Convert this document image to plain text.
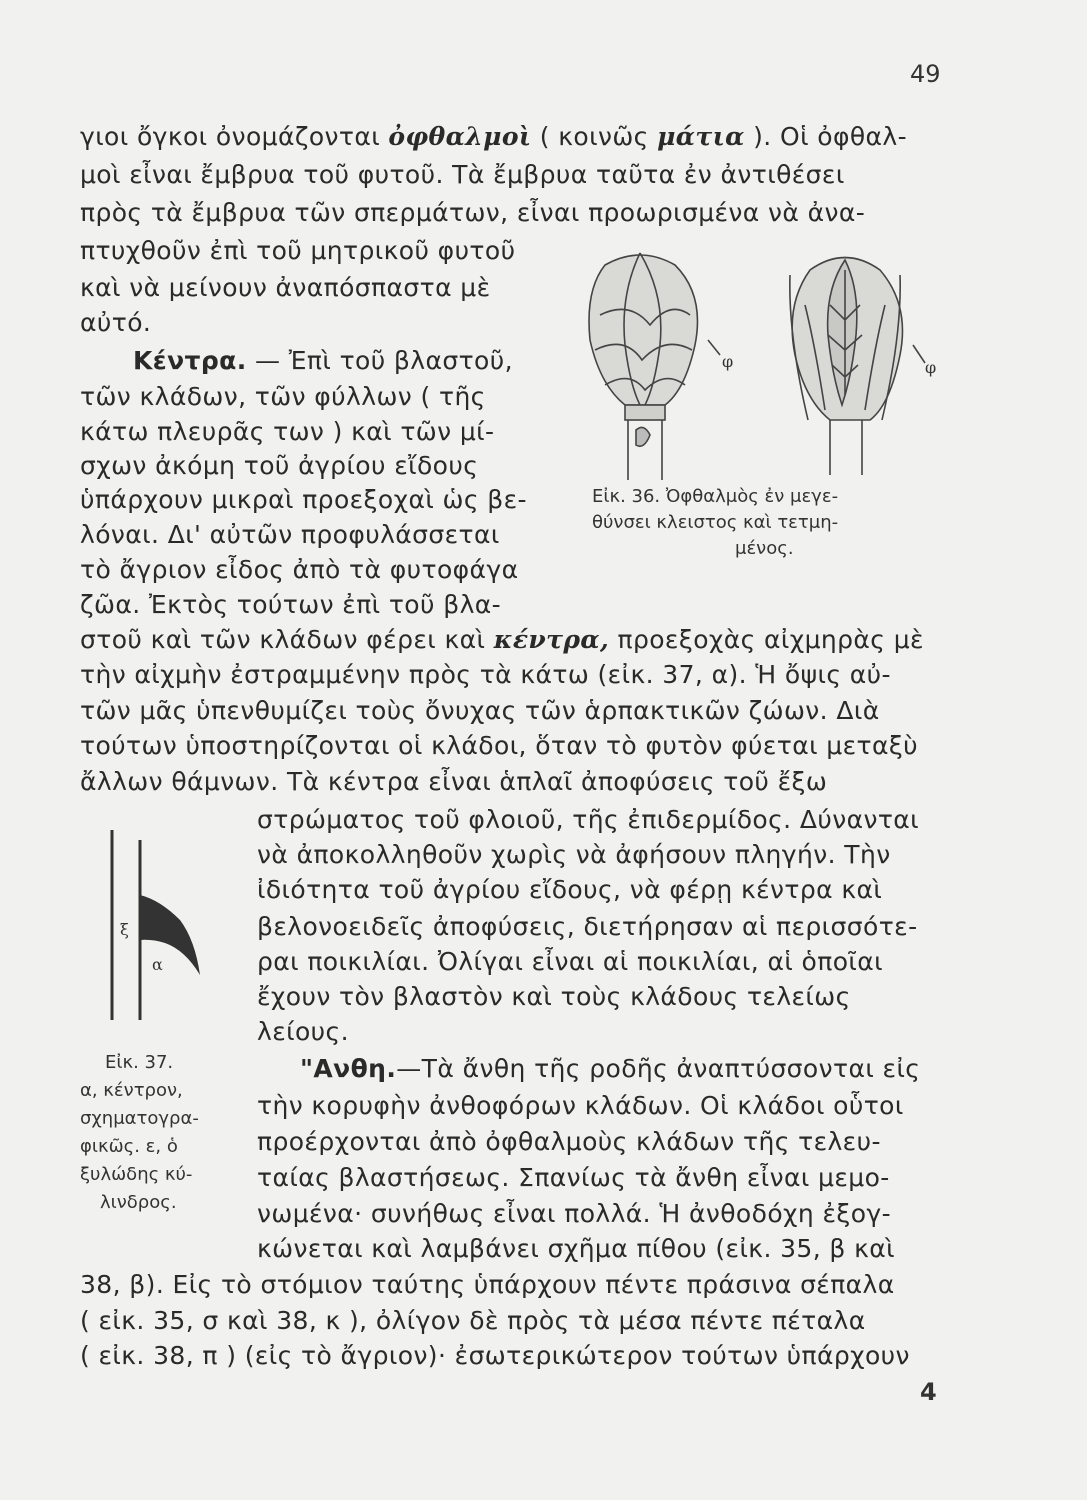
49
γιοι ὄγκοι ὀνομάζονται ὀφθαλμοὶ ( κοινῶς μάτια ). Οἱ ὀφθαλ-
μοὶ εἶναι ἔμβρυα τοῦ φυτοῦ. Τὰ ἔμβρυα ταῦτα ἐν ἀντιθέσει
πρὸς τὰ ἔμβρυα τῶν σπερμάτων, εἶναι προωρισμένα νὰ ἀνα-
πτυχθοῦν ἐπὶ τοῦ μητρικοῦ φυτοῦ
καὶ νὰ μείνουν ἀναπόσπαστα μὲ
αὐτό.
Κέντρα. — Ἐπὶ τοῦ βλαστοῦ,
τῶν κλάδων, τῶν φύλλων ( τῆς
κάτω πλευρᾶς των ) καὶ τῶν μί-
σχων ἀκόμη τοῦ ἀγρίου εἴδους
ὑπάρχουν μικραὶ προεξοχαὶ ὡς βε-
λόναι. Δι' αὐτῶν προφυλάσσεται
τὸ ἄγριον εἶδος ἀπὸ τὰ φυτοφάγα
ζῶα. Ἐκτὸς τούτων ἐπὶ τοῦ βλα-
φ	φ
Εἰκ. 36. Ὀφθαλμὸς ἐν μεγε-
θύνσει κλειστος καὶ τετμη-
μένος.
στοῦ καὶ τῶν κλάδων φέρει καὶ κέντρα, προεξοχὰς αἰχμηρὰς μὲ
τὴν αἰχμὴν ἐστραμμένην πρὸς τὰ κάτω (εἰκ. 37, α). Ἡ ὄψις αὐ-
τῶν μᾶς ὑπενθυμίζει τοὺς ὄνυχας τῶν ἁρπακτικῶν ζώων. Διὰ
τούτων ὑποστηρίζονται οἱ κλάδοι, ὅταν τὸ φυτὸν φύεται μεταξὺ
ἄλλων θάμνων. Τὰ κέντρα εἶναι ἁπλαῖ ἀποφύσεις τοῦ ἔξω
στρώματος τοῦ φλοιοῦ, τῆς ἐπιδερμίδος. Δύνανται
νὰ ἀποκολληθοῦν χωρὶς νὰ ἀφήσουν πληγήν. Τὴν
ἰδιότητα τοῦ ἀγρίου εἴδους, νὰ φέρῃ κέντρα καὶ
βελονοειδεῖς ἀποφύσεις, διετήρησαν αἱ περισσότε-
ραι ποικιλίαι. Ὀλίγαι εἶναι αἱ ποικιλίαι, αἱ ὁποῖαι
ἔχουν τὸν βλαστὸν καὶ τοὺς κλάδους τελείως
λείους.
"Ανθη.—Τὰ ἄνθη τῆς ροδῆς ἀναπτύσσονται εἰς
τὴν κορυφὴν ἀνθοφόρων κλάδων. Οἱ κλάδοι οὗτοι
προέρχονται ἀπὸ ὀφθαλμοὺς κλάδων τῆς τελευ-
ταίας βλαστήσεως. Σπανίως τὰ ἄνθη εἶναι μεμο-
νωμένα· συνήθως εἶναι πολλά. Ἡ ἀνθοδόχη ἐξογ-
κώνεται καὶ λαμβάνει σχῆμα πίθου (εἰκ. 35, β καὶ
ξ
α
Εἰκ. 37.
α, κέντρον,
σχηματογρα-
φικῶς. ε, ὁ
ξυλώδης κύ-
λινδρος.
38, β). Εἰς τὸ στόμιον ταύτης ὑπάρχουν πέντε πράσινα σέπαλα
( εἰκ. 35, σ καὶ 38, κ ), ὀλίγον δὲ πρὸς τὰ μέσα πέντε πέταλα
( εἰκ. 38, π ) (εἰς τὸ ἄγριον)· ἐσωτερικώτερον τούτων ὑπάρχουν
4
